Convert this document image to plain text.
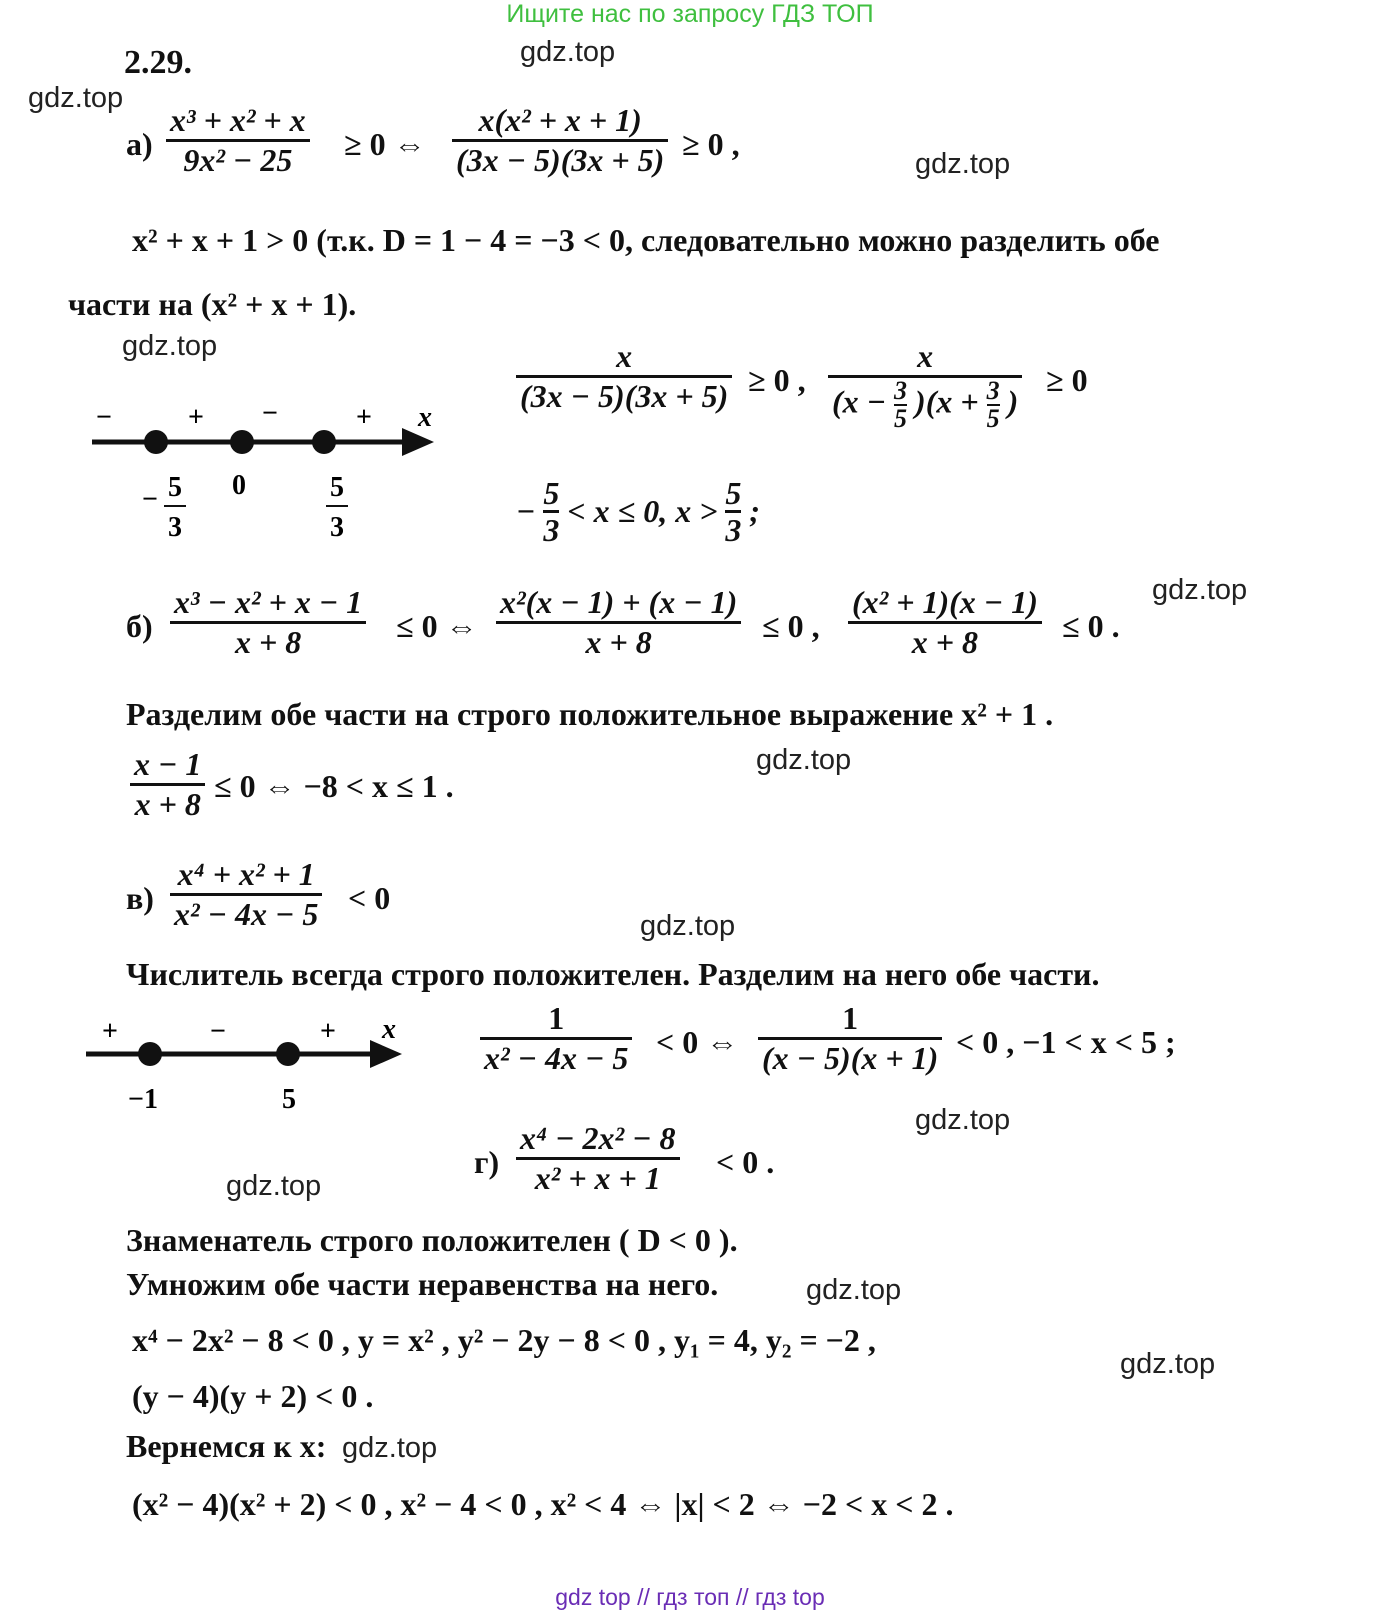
Ищите нас по запросу ГДЗ ТОП
2.29.	gdz.top
gdz.top
gdz.top
gdz.top
gdz.top
gdz.top
gdz.top
gdz.top
gdz.top
gdz.top
gdz.top
gdz.top
$а) \frac{\text{x³ + x² + x}}{\text{9x² − 25}} \ge 0$ ⇔ $\frac{\text{x(x² + x + 1)}}{(3x - 5)(3x + 5)} \ge 0$ ,
x² + x + 1 > 0 (т.к. D = 1 − 4 = −3 < 0, следовательно можно разделить обе
части на (x² + x + 1).
−	+ −	+ x
− 5
3
0	5
3
$\frac{x}{(3x - 5)(3x + 5)} \ge 0$ , $\frac{x}{(x - \frac{3}{5} )(x + \frac{3}{5} )} \ge 0$
− $\frac{5}{3} < x \le 0$, $x > \frac{5}{3}$ ;
$б) \frac{\text{x³ − x² + x − 1}}{x + 8} \le 0$ ⇔ $\frac{\text{x²(x − 1) + (x − 1)}}{x + 8} \le 0$ , $\frac{\text{(x² + 1)(x − 1)}}{x + 8} \le 0$ .
Разделим обе части на строго положительное выражение x² + 1 .
$\frac{x - 1}{x + 8} \le 0$ ⇔ −8 < x ≤ 1 .
$в) \frac{\text{x⁴ + x² + 1}}{\text{x² − 4x − 5}} < 0$
Числитель всегда строго положителен. Разделим на него обе части.
+	−	+ x
−1	5
$\frac{1}{\text{x² − 4x − 5}} < 0$ ⇔ $\frac{1}{(x - 5)(x + 1)} < 0$ , −1 < x < 5 ;
$г) \frac{\text{x⁴ − 2x² − 8}}{\text{x² + x + 1}} < 0$ .
Знаменатель строго положителен ( D < 0 ).
Умножим обе части неравенства на него.
x⁴ − 2x² − 8 < 0 , y = x² , y² − 2y − 8 < 0 , y₁ = 4, y₂ = −2 ,
(y − 4)(y + 2) < 0 .
Вернемся к x:
(x² − 4)(x² + 2) < 0 , x² − 4 < 0 , x² < 4 ⇔ |x| < 2 ⇔ −2 < x < 2 .
gdz top // гдз топ // гдз top
